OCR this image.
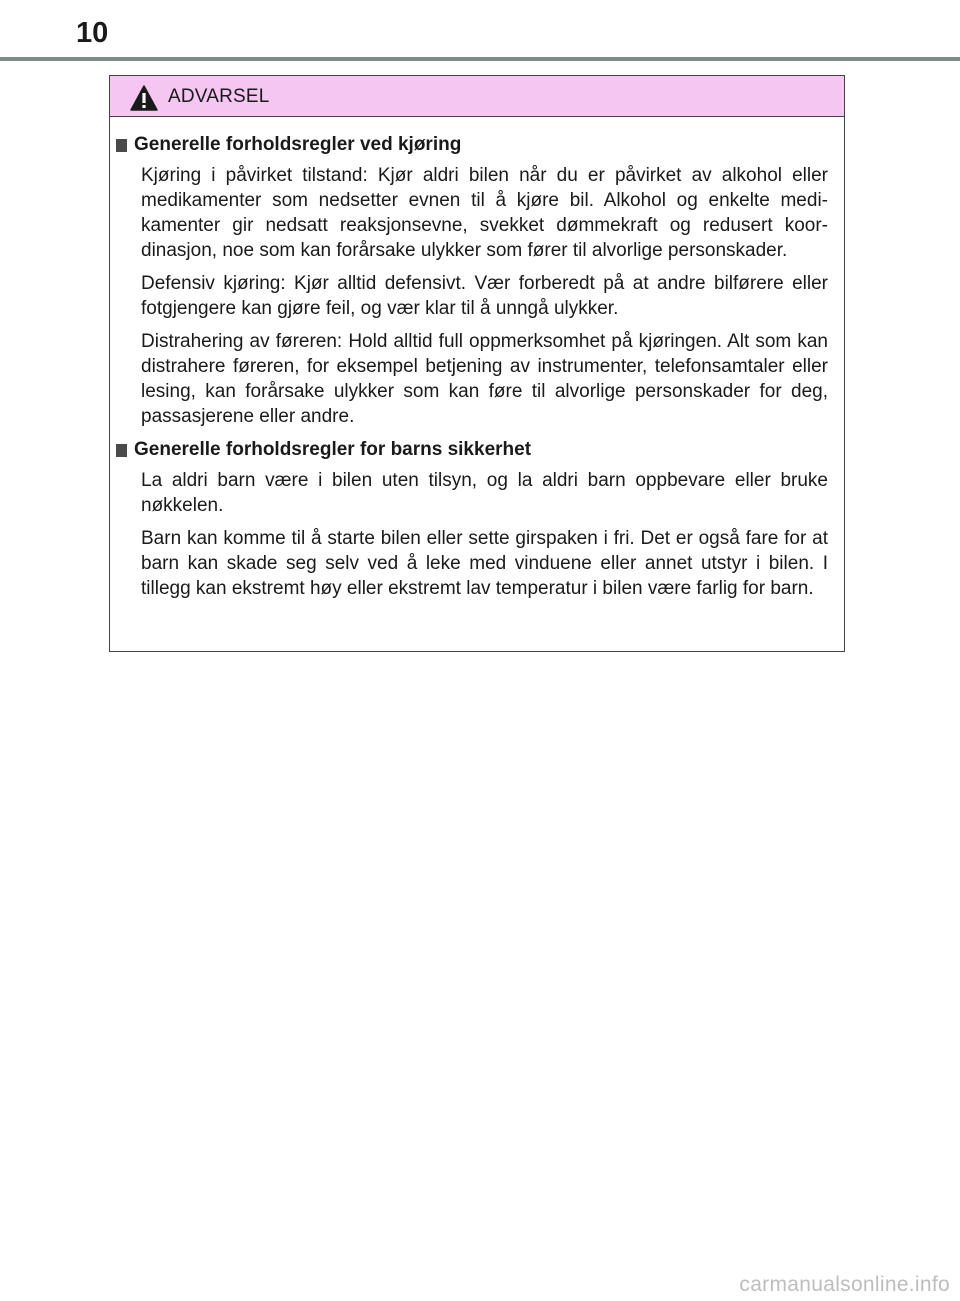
10
ADVARSEL
Generelle forholdsregler ved kjøring

Kjøring i påvirket tilstand: Kjør aldri bilen når du er påvirket av alkohol eller medikamenter som nedsetter evnen til å kjøre bil. Alkohol og enkelte medikamenter gir nedsatt reaksjonsevne, svekket dømmekraft og redusert koordinasjon, noe som kan forårsake ulykker som fører til alvorlige personskader.

Defensiv kjøring: Kjør alltid defensivt. Vær forberedt på at andre bilførere eller fotgjengere kan gjøre feil, og vær klar til å unngå ulykker.

Distrahering av føreren: Hold alltid full oppmerksomhet på kjøringen. Alt som kan distrahere føreren, for eksempel betjening av instrumenter, telefonsamtaler eller lesing, kan forårsake ulykker som kan føre til alvorlige personskader for deg, passasjerene eller andre.

Generelle forholdsregler for barns sikkerhet

La aldri barn være i bilen uten tilsyn, og la aldri barn oppbevare eller bruke nøkkelen.

Barn kan komme til å starte bilen eller sette girspaken i fri. Det er også fare for at barn kan skade seg selv ved å leke med vinduene eller annet utstyr i bilen. I tillegg kan ekstremt høy eller ekstremt lav temperatur i bilen være farlig for barn.

carmanualsonline.info
